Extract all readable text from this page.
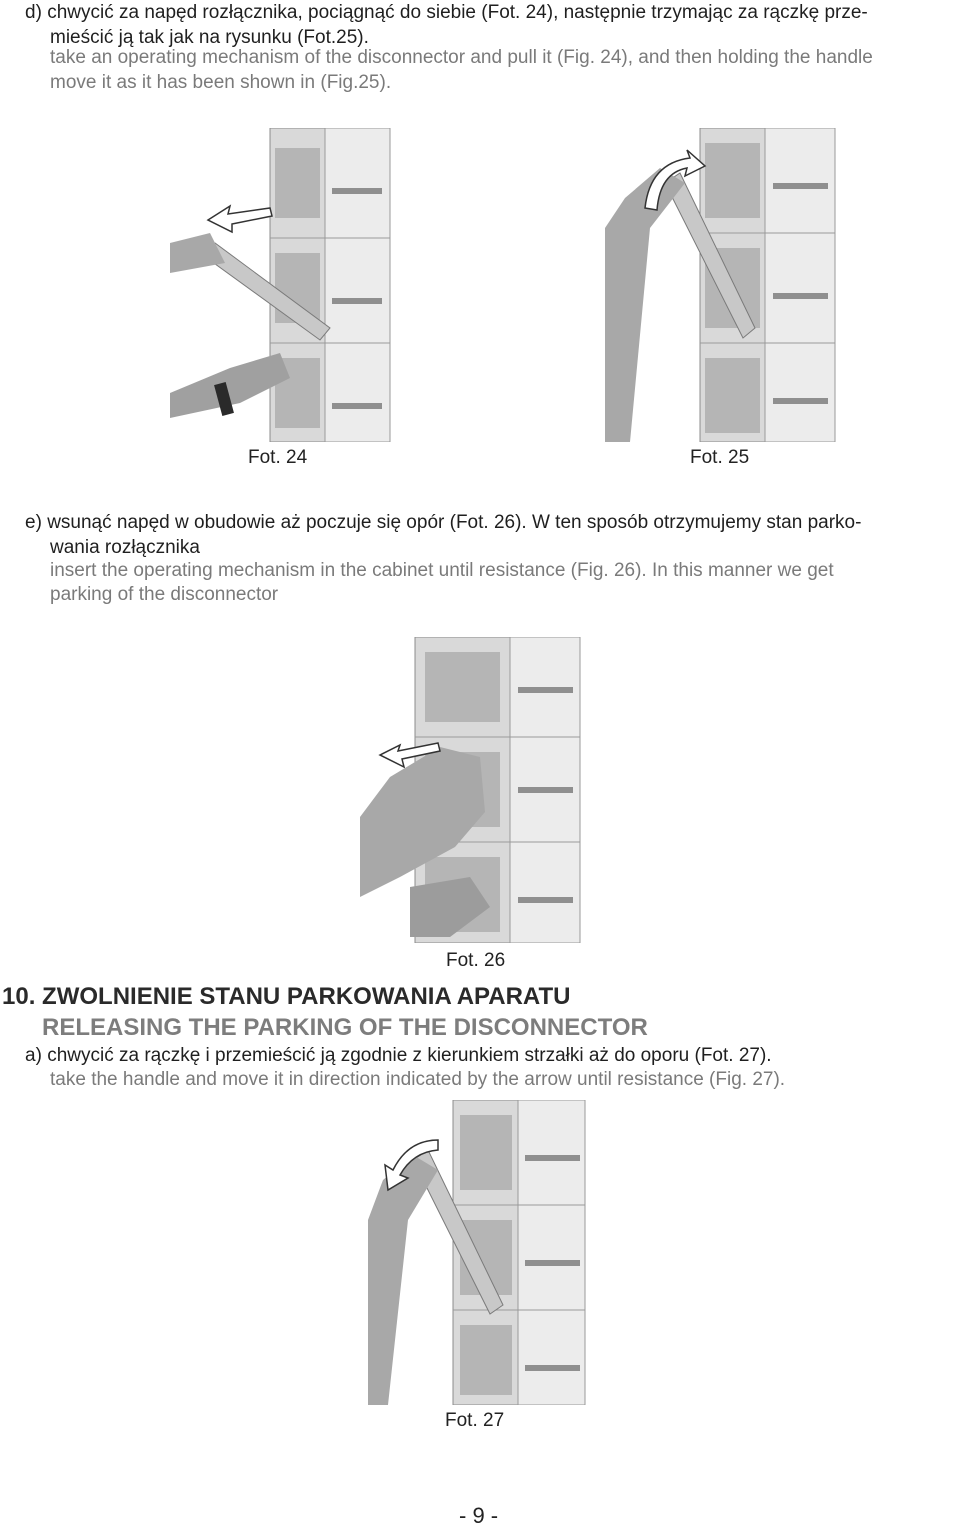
d) chwycić za napęd rozłącznika, pociągnąć do siebie (Fot. 24), następnie trzymając za rączkę prze-
mieścić ją tak jak na rysunku (Fot.25).
take an operating mechanism of the disconnector and pull it (Fig. 24), and then holding the handle
move it as it has been shown in (Fig.25).
Fot. 24	Fot. 25
e) wsunąć napęd w obudowie aż poczuje się opór (Fot. 26). W ten sposób otrzymujemy stan parko-
wania rozłącznika
insert the operating mechanism in the cabinet until resistance (Fig. 26). In this manner we get
parking of the disconnector
Fot. 26
10. ZWOLNIENIE STANU PARKOWANIA APARATU
RELEASING THE PARKING OF THE DISCONNECTOR
a) chwycić za rączkę i przemieścić ją zgodnie z kierunkiem strzałki aż do oporu (Fot. 27).
take the handle and move it in direction indicated by the arrow until resistance (Fig. 27).
Fot. 27
- 9 -
